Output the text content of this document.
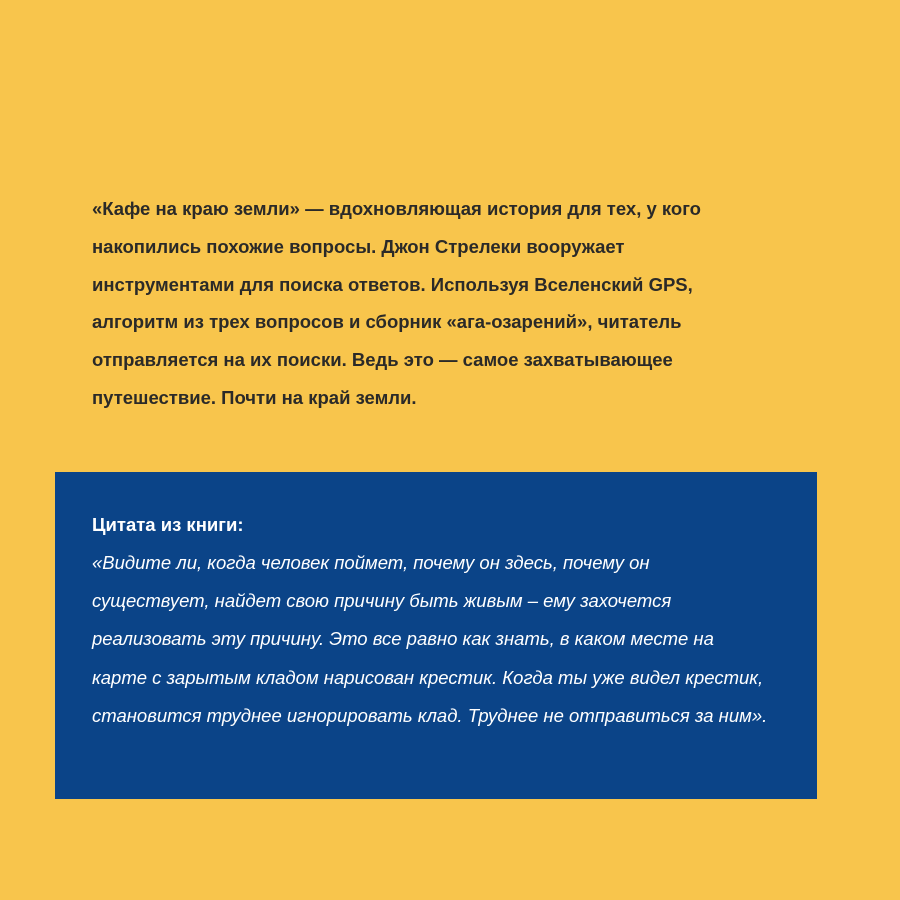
«Кафе на краю земли» — вдохновляющая история для тех, у кого накопились похожие вопросы. Джон Стрелеки вооружает инструментами для поиска ответов. Используя Вселенский GPS, алгоритм из трех вопросов и сборник «ага-озарений», читатель отправляется на их поиски. Ведь это — самое захватывающее путешествие. Почти на край земли.

Цитата из книги:

«Видите ли, когда человек поймет, почему он здесь, почему он существует, найдет свою причину быть живым – ему захочется реализовать эту причину. Это все равно как знать, в каком месте на карте с зарытым кладом нарисован крестик. Когда ты уже видел крестик, становится труднее игнорировать клад. Труднее не отправиться за ним».
